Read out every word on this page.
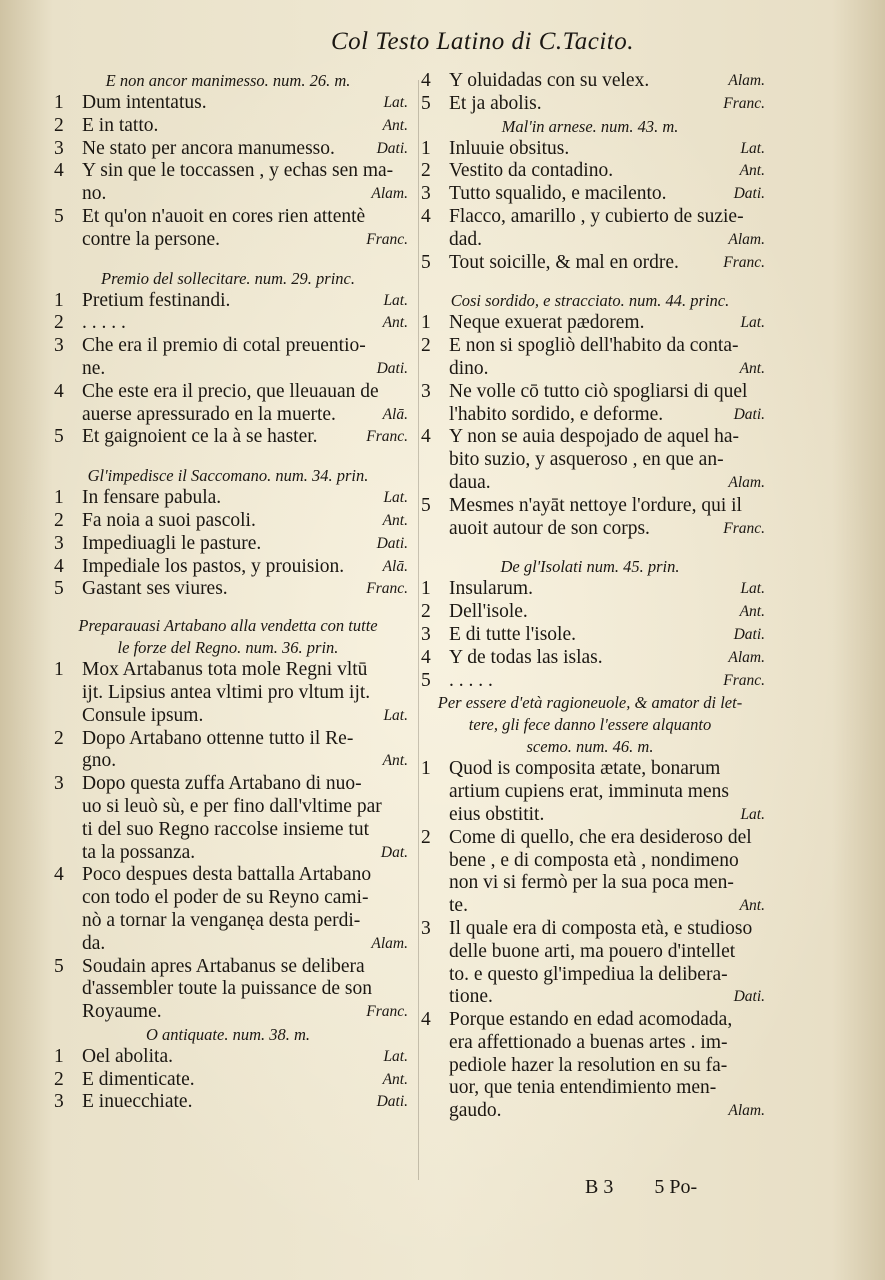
Col Testo Latino di C.Tacito.
E non ancor manimesso. num. 26. m.
1 Dum intentatus.	Lat.
2 E in tatto.	Ant.
3 Ne stato per ancora manumesso.	Dati.
4 Y sin que le toccassen , y echas sen ma-
no.	Alam.
5 Et qu'on n'auoit en cores rien attentè
contre la persone.	Franc.
Premio del sollecitare. num. 29. princ.
1 Pretium festinandi.	Lat.
2 . . . . .	Ant.
3 Che era il premio di cotal preuentio-
ne.	Dati.
4 Che este era il precio, que lleuauan de
auerse apressurado en la muerte.	Alā.
5 Et gaignoient ce la à se haster.	Franc.
Gl'impedisce il Saccomano. num. 34. prin.
1 In fensare pabula.	Lat.
2 Fa noia a suoi pascoli.	Ant.
3 Impediuagli le pasture.	Dati.
4 Impediale los pastos, y prouision. Alā.
5 Gastant ses viures.	Franc.
Preparauasi Artabano alla vendetta con tutte
le forze del Regno. num. 36. prin.
1 Mox Artabanus tota mole Regni vltū
ijt. Lipsius antea vltimi pro vltum ijt.
Consule ipsum.	Lat.
2 Dopo Artabano ottenne tutto il Re-
gno.	Ant.
3 Dopo questa zuffa Artabano di nuo-
uo si leuò sù, e per fino dall'vltime par
ti del suo Regno raccolse insieme tut
ta la possanza.	Dat.
4 Poco despues desta battalla Artabano
con todo el poder de su Reyno cami-
nò a tornar la venganęa desta perdi-
da.	Alam.
5 Soudain apres Artabanus se delibera
d'assembler toute la puissance de son
Royaume.	Franc.
O antiquate. num. 38. m.
1 Oel abolita.	Lat.
2 E dimenticate.	Ant.
3 E inuecchiate.	Dati.
4 Y oluidadas con su velex.	Alam.
5 Et ja abolis.	Franc.
Mal'in arnese. num. 43. m.
1 Inluuie obsitus.	Lat.
2 Vestito da contadino.	Ant.
3 Tutto squalido, e macilento.	Dati.
4 Flacco, amarillo , y cubierto de suzie-
dad.	Alam.
5 Tout soicille, & mal en ordre.	Franc.
Cosi sordido, e stracciato. num. 44. princ.
1 Neque exuerat pædorem.	Lat.
2 E non si spogliò dell'habito da conta-
dino.	Ant.
3 Ne volle cō tutto ciò spogliarsi di quel
l'habito sordido, e deforme.	Dati.
4 Y non se auia despojado de aquel ha-
bito suzio, y asqueroso , en que an-
daua.	Alam.
5 Mesmes n'ayāt nettoye l'ordure, qui il
auoit autour de son corps.	Franc.
De gl'Isolati num. 45. prin.
1 Insularum.	Lat.
2 Dell'isole.	Ant.
3 E di tutte l'isole.	Dati.
4 Y de todas las islas.	Alam.
5 . . . . .	Franc.
Per essere d'età ragioneuole, & amator di let-
tere, gli fece danno l'essere alquanto
scemo. num. 46. m.
1 Quod is composita ætate, bonarum
artium cupiens erat, imminuta mens
eius obstitit.	Lat.
2 Come di quello, che era desideroso del
bene , e di composta età , nondimeno
non vi si fermò per la sua poca men-
te.	Ant.
3 Il quale era di composta età, e studioso
delle buone arti, ma pouero d'intellet
to. e questo gl'impediua la delibera-
tione.	Dati.
4 Porque estando en edad acomodada,
era affettionado a buenas artes . im-
pediole hazer la resolution en su fa-
uor, que tenia entendimiento men-
gaudo.	Alam.
B 3 5 Po-
